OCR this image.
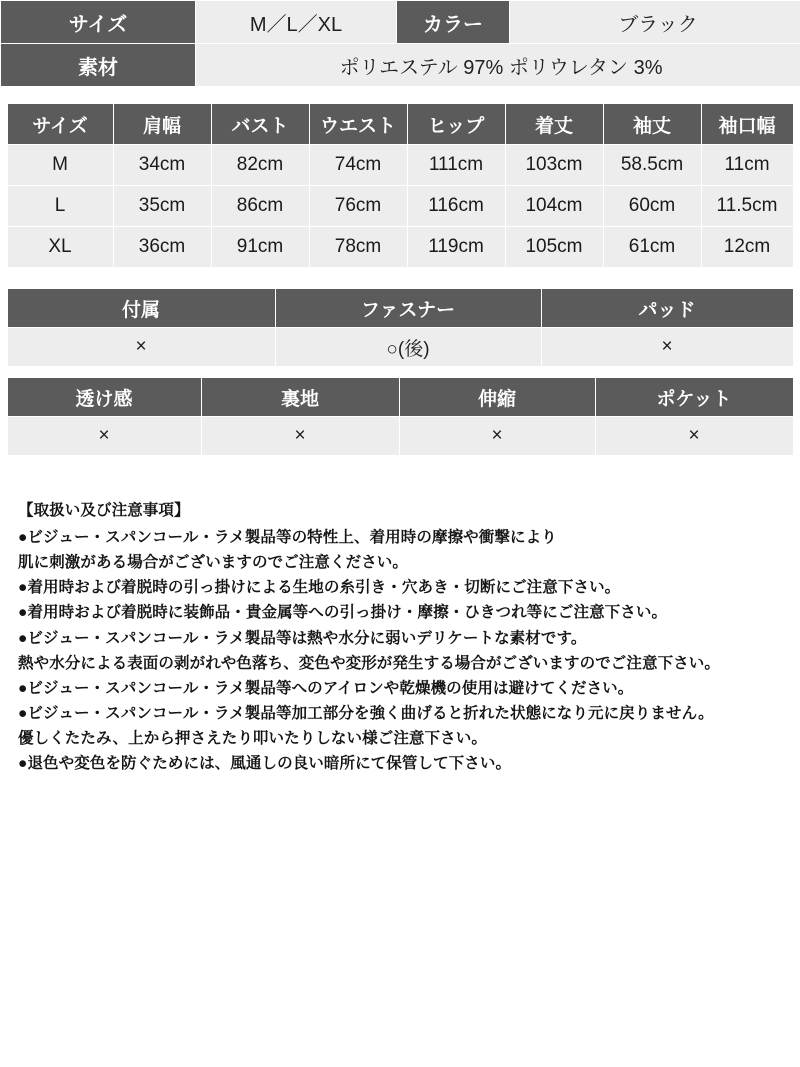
サイズ	M／L／XL	カラー	ブラック
素材	ポリエステル 97% ポリウレタン 3%		
サイズ	肩幅	バスト	ウエスト	ヒップ	着丈	袖丈	袖口幅
M	34cm	82cm	74cm	111cm	103cm	58.5cm	11cm
L	35cm	86cm	76cm	116cm	104cm	60cm	11.5cm
XL	36cm	91cm	78cm	119cm	105cm	61cm	12cm
付属	ファスナー	パッド
×	○(後)	×
透け感	裏地	伸縮	ポケット
×	×	×	×

【取扱い及び注意事項】

●ビジュー・スパンコール・ラメ製品等の特性上、着用時の摩擦や衝撃により

肌に刺激がある場合がございますのでご注意ください。

●着用時および着脱時の引っ掛けによる生地の糸引き・穴あき・切断にご注意下さい。

●着用時および着脱時に装飾品・貴金属等への引っ掛け・摩擦・ひきつれ等にご注意下さい。

●ビジュー・スパンコール・ラメ製品等は熱や水分に弱いデリケートな素材です。

熱や水分による表面の剥がれや色落ち、変色や変形が発生する場合がございますのでご注意下さい。

●ビジュー・スパンコール・ラメ製品等へのアイロンや乾燥機の使用は避けてください。

●ビジュー・スパンコール・ラメ製品等加工部分を強く曲げると折れた状態になり元に戻りません。

優しくたたみ、上から押さえたり叩いたりしない様ご注意下さい。

●退色や変色を防ぐためには、風通しの良い暗所にて保管して下さい。
